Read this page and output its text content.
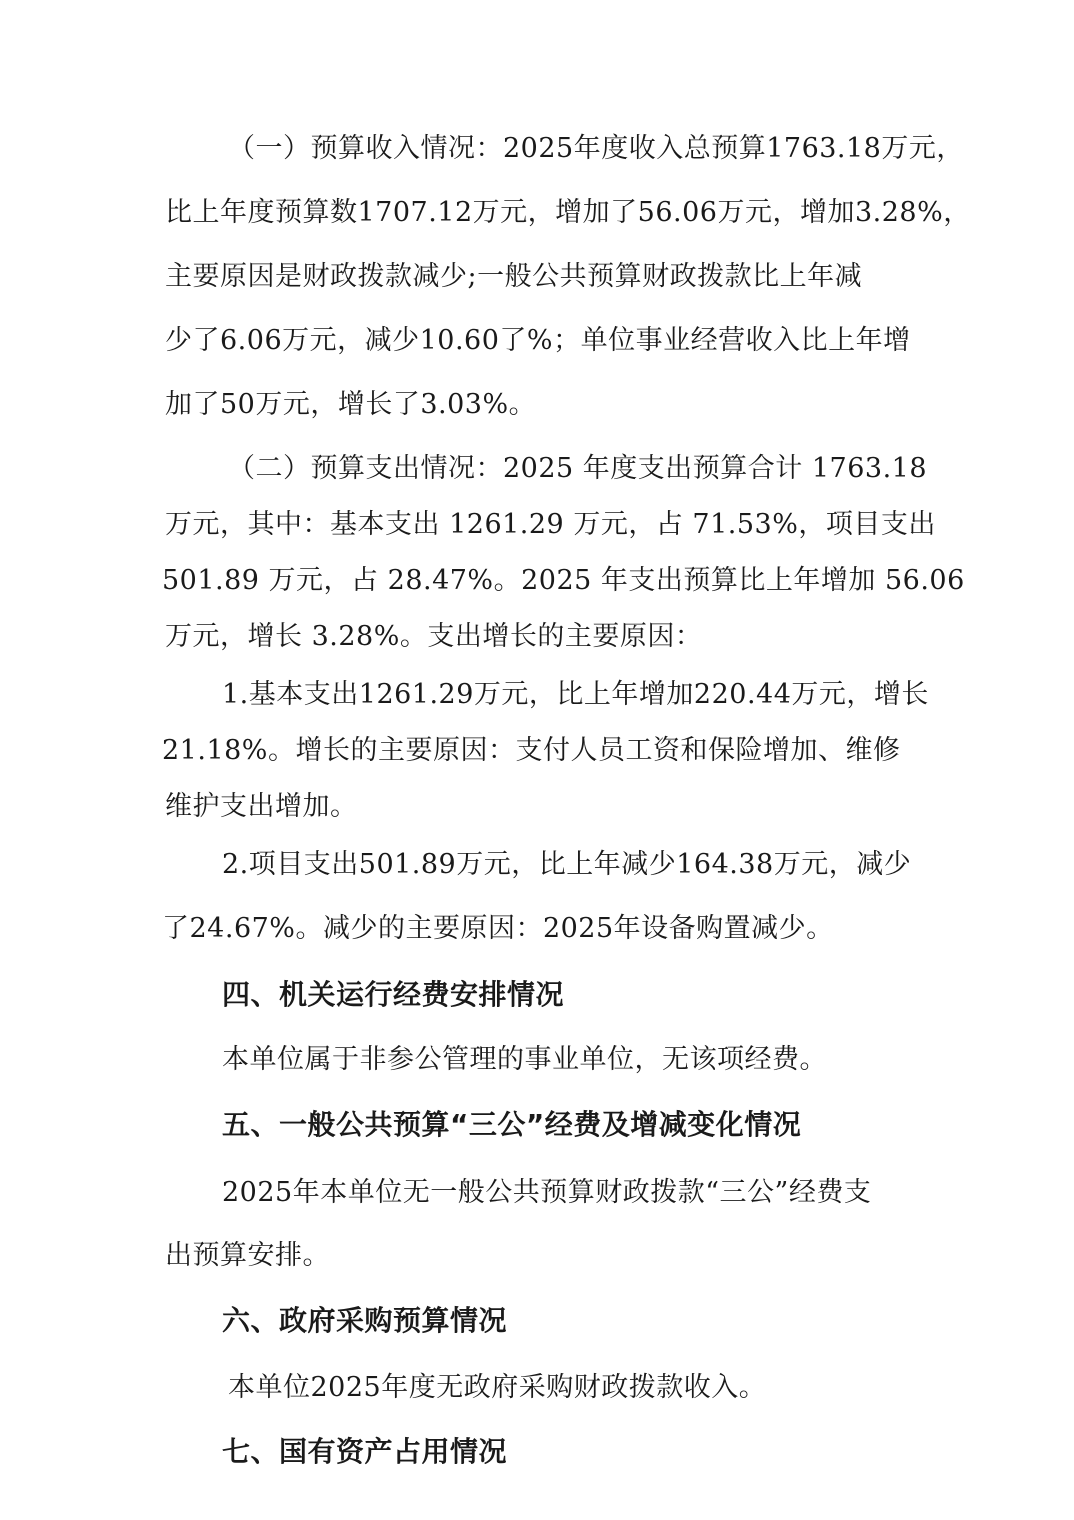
（一）预算收入情况：2025年度收入总预算1763.18万元，
比上年度预算数1707.12万元，增加了56.06万元，增加3.28%，
主要原因是财政拨款减少;一般公共预算财政拨款比上年减
少了6.06万元，减少10.60了%；单位事业经营收入比上年增
加了50万元，增长了3.03%。
（二）预算支出情况：2025 年度支出预算合计 1763.18
万元，其中：基本支出 1261.29 万元，占 71.53%，项目支出
501.89 万元，占 28.47%。2025 年支出预算比上年增加 56.06
万元，增长 3.28%。支出增长的主要原因：
1.基本支出1261.29万元，比上年增加220.44万元，增长
21.18%。增长的主要原因：支付人员工资和保险增加、维修
维护支出增加。
2.项目支出501.89万元，比上年减少164.38万元，减少
了24.67%。减少的主要原因：2025年设备购置减少。
四、机关运行经费安排情况
本单位属于非参公管理的事业单位，无该项经费。
五、一般公共预算“三公”经费及增减变化情况
2025年本单位无一般公共预算财政拨款“三公”经费支
出预算安排。
六、政府采购预算情况
本单位2025年度无政府采购财政拨款收入。
七、国有资产占用情况
